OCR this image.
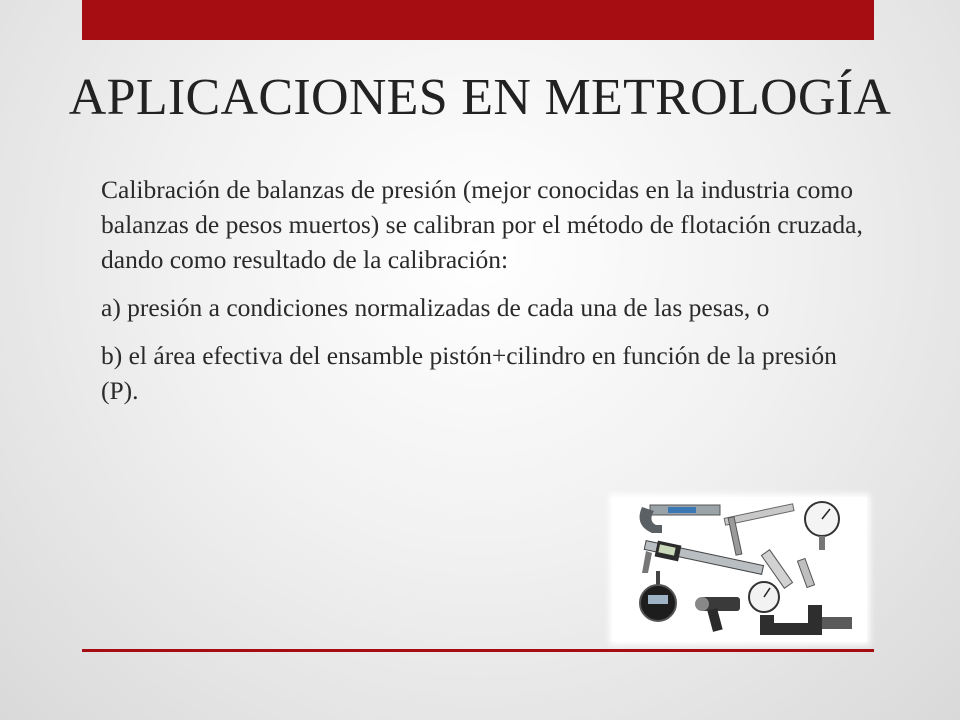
APLICACIONES EN METROLOGÍA

Calibración de balanzas de presión (mejor conocidas en la industria como balanzas de pesos muertos) se calibran por el método de flotación cruzada, dando como resultado de la calibración:

a) presión a condiciones normalizadas de cada una de las pesas, o

b) el área efectiva del ensamble pistón+cilindro en función de la presión (P).
